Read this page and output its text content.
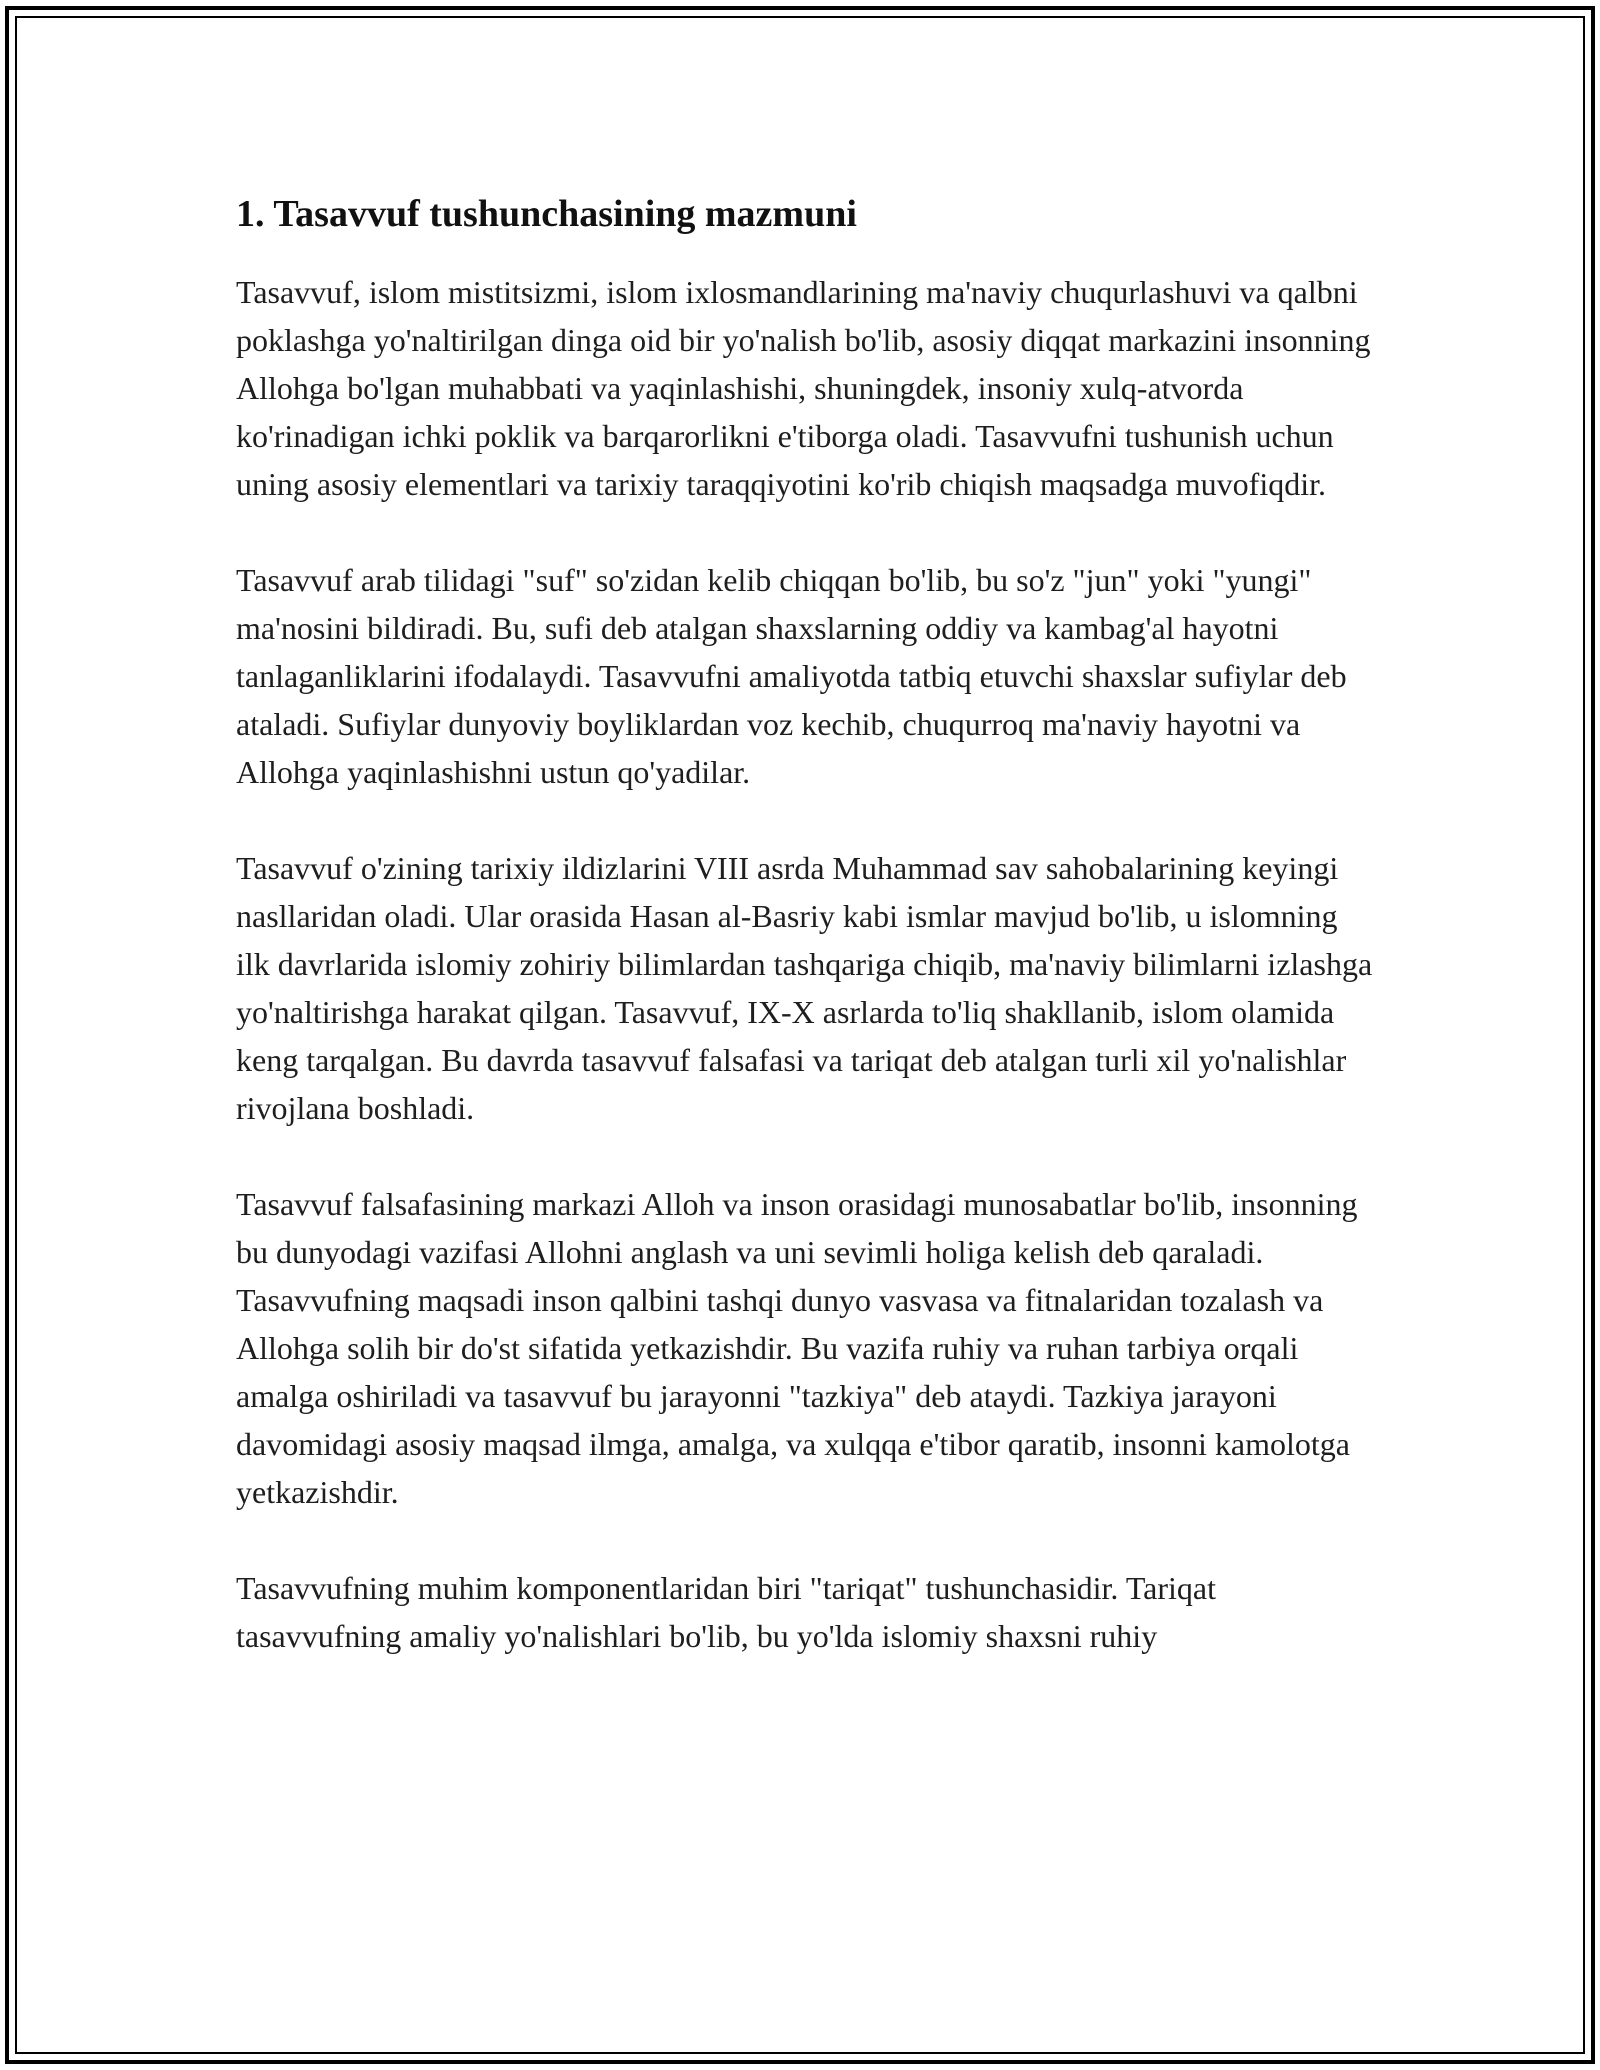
1. Tasavvuf tushunchasining mazmuni

Tasavvuf, islom mistitsizmi, islom ixlosmandlarining ma'naviy chuqurlashuvi va qalbni poklashga yo'naltirilgan dinga oid bir yo'nalish bo'lib, asosiy diqqat markazini insonning Allohga bo'lgan muhabbati va yaqinlashishi, shuningdek, insoniy xulq-atvorda ko'rinadigan ichki poklik va barqarorlikni e'tiborga oladi. Tasavvufni tushunish uchun uning asosiy elementlari va tarixiy taraqqiyotini ko'rib chiqish maqsadga muvofiqdir.

Tasavvuf arab tilidagi "suf" so'zidan kelib chiqqan bo'lib, bu so'z "jun" yoki "yungi" ma'nosini bildiradi. Bu, sufi deb atalgan shaxslarning oddiy va kambag'al hayotni tanlaganliklarini ifodalaydi. Tasavvufni amaliyotda tatbiq etuvchi shaxslar sufiylar deb ataladi. Sufiylar dunyoviy boyliklardan voz kechib, chuqurroq ma'naviy hayotni va Allohga yaqinlashishni ustun qo'yadilar.

Tasavvuf o'zining tarixiy ildizlarini VIII asrda Muhammad sav sahobalarining keyingi nasllaridan oladi. Ular orasida Hasan al-Basriy kabi ismlar mavjud bo'lib, u islomning ilk davrlarida islomiy zohiriy bilimlardan tashqariga chiqib, ma'naviy bilimlarni izlashga yo'naltirishga harakat qilgan. Tasavvuf, IX-X asrlarda to'liq shakllanib, islom olamida keng tarqalgan. Bu davrda tasavvuf falsafasi va tariqat deb atalgan turli xil yo'nalishlar rivojlana boshladi.

Tasavvuf falsafasining markazi Alloh va inson orasidagi munosabatlar bo'lib, insonning bu dunyodagi vazifasi Allohni anglash va uni sevimli holiga kelish deb qaraladi. Tasavvufning maqsadi inson qalbini tashqi dunyo vasvasa va fitnalaridan tozalash va Allohga solih bir do'st sifatida yetkazishdir. Bu vazifa ruhiy va ruhan tarbiya orqali amalga oshiriladi va tasavvuf bu jarayonni "tazkiya" deb ataydi. Tazkiya jarayoni davomidagi asosiy maqsad ilmga, amalga, va xulqqa e'tibor qaratib, insonni kamolotga yetkazishdir.

Tasavvufning muhim komponentlaridan biri "tariqat" tushunchasidir. Tariqat tasavvufning amaliy yo'nalishlari bo'lib, bu yo'lda islomiy shaxsni ruhiy
